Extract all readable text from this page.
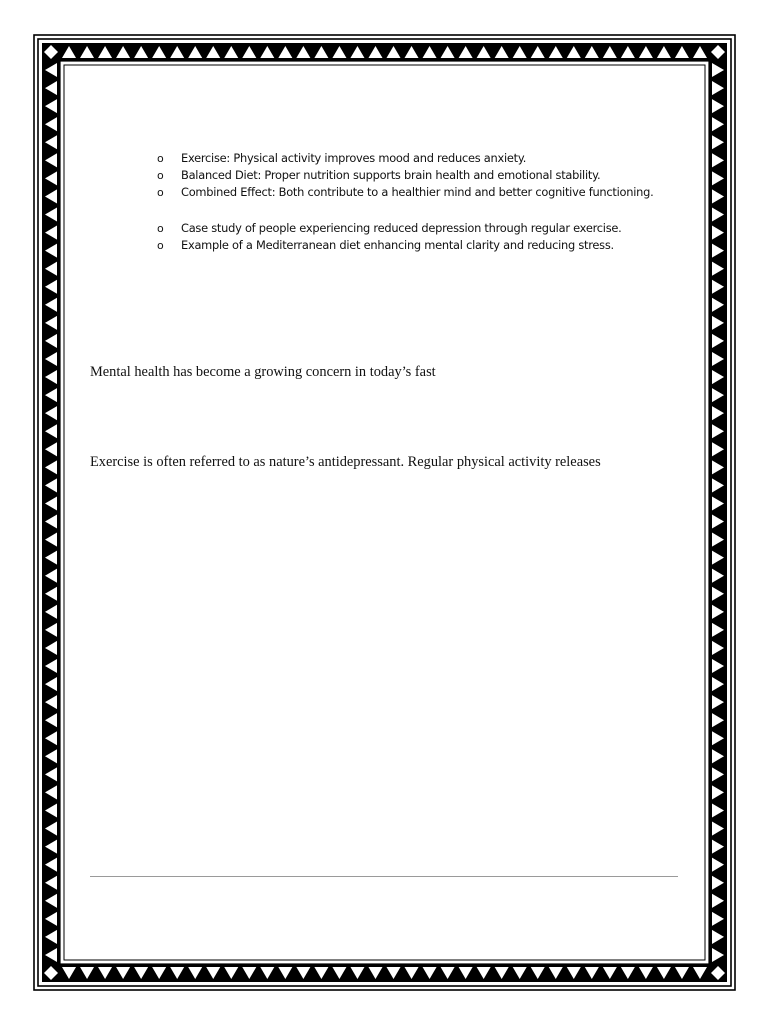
o Exercise: Physical activity improves mood and reduces anxiety.
o Balanced Diet: Proper nutrition supports brain health and emotional stability.
o Combined Effect: Both contribute to a healthier mind and better cognitive functioning.
o Case study of people experiencing reduced depression through regular exercise.
o Example of a Mediterranean diet enhancing mental clarity and reducing stress.

Mental health has become a growing concern in today’s fast

Exercise is often referred to as nature’s antidepressant. Regular physical activity releases
